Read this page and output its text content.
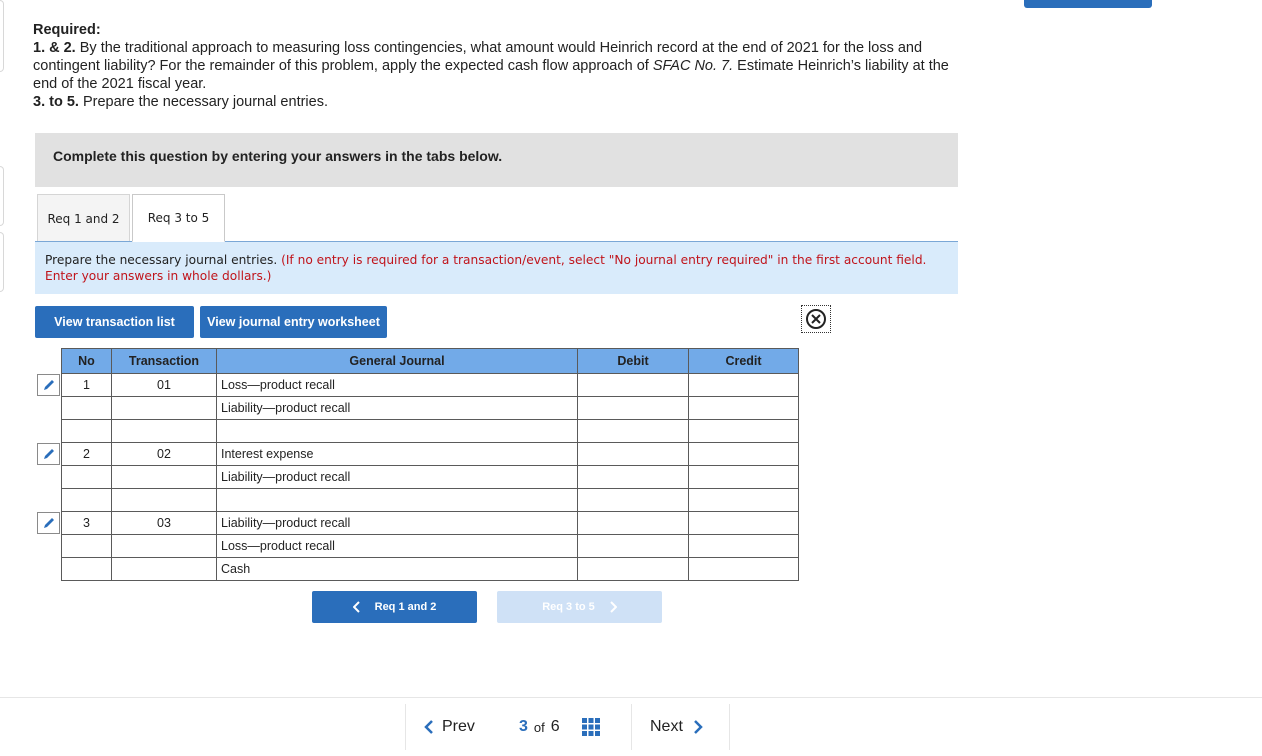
Required:
1. & 2. By the traditional approach to measuring loss contingencies, what amount would Heinrich record at the end of 2021 for the loss and contingent liability? For the remainder of this problem, apply the expected cash flow approach of SFAC No. 7. Estimate Heinrich’s liability at the end of the 2021 fiscal year.
3. to 5. Prepare the necessary journal entries.
Complete this question by entering your answers in the tabs below.
Req 1 and 2 Req 3 to 5
Prepare the necessary journal entries. (If no entry is required for a transaction/event, select "No journal entry required" in the first account field. Enter your answers in whole dollars.)
View transaction list	View journal entry worksheet
No	Transaction	General Journal	Debit	Credit
1	01	Loss—product recall		
		Liability—product recall		

2	02	Interest expense		
		Liability—product recall		

3	03	Liability—product recall		
		Loss—product recall		
		Cash		
Req 1 and 2	Req 3 to 5
Prev	3 of 6	Next
